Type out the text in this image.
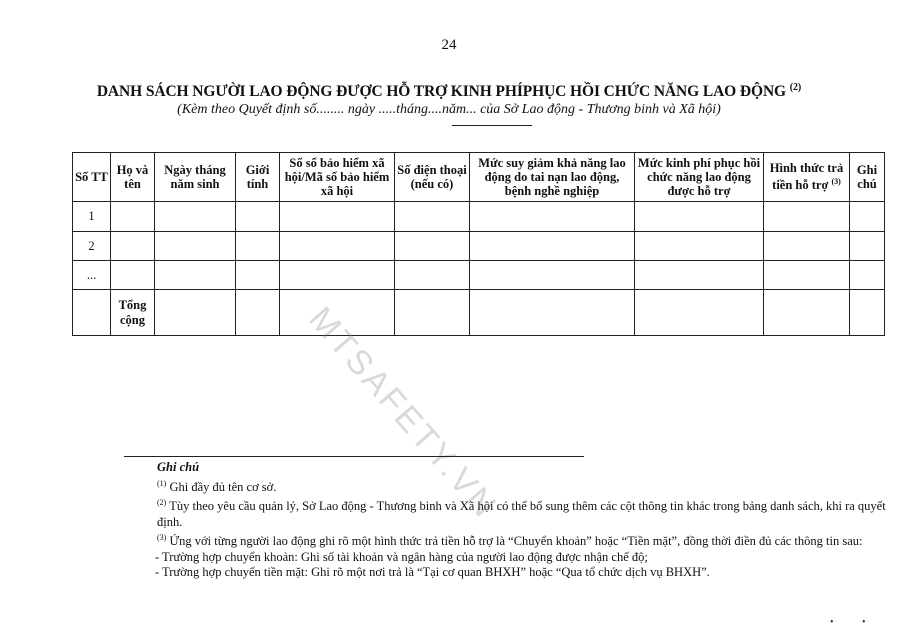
24
DANH SÁCH NGƯỜI LAO ĐỘNG ĐƯỢC HỖ TRỢ KINH PHÍPHỤC HỒI CHỨC NĂNG LAO ĐỘNG $^{(2)}$
(Kèm theo Quyết định số........ ngày .....tháng....năm... của Sở Lao động - Thương binh và Xã hội)
Số TT	Họ và tên	Ngày tháng năm sinh	Giới tính	Số sổ bảo hiểm xã hội/Mã số bảo hiểm xã hội	Số điện thoại (nếu có)	Mức suy giảm khả năng lao động do tai nạn lao động, bệnh nghề nghiệp	Mức kinh phí phục hồi chức năng lao động được hỗ trợ	Hình thức trả tiền hỗ trợ $^{(3)}$	Ghi chú
1									
2									
...									
	Tổng cộng									MTSAFETY.VN

Ghi chú

$^{(1)}$ Ghi đầy đủ tên cơ sở.

$^{(2)}$ Tùy theo yêu cầu quản lý, Sở Lao động - Thương binh và Xã hội có thể bổ sung thêm các cột thông tin khác trong bảng danh sách, khi ra quyết định.

$^{(3)}$ Ứng với từng người lao động ghi rõ một hình thức trả tiền hỗ trợ là “Chuyển khoản” hoặc “Tiền mặt”, đồng thời điền đủ các thông tin sau:

- Trường hợp chuyển khoản: Ghi số tài khoản và ngân hàng của người lao động được nhận chế độ;

- Trường hợp chuyển tiền mặt: Ghi rõ một nơi trả là “Tại cơ quan BHXH” hoặc “Qua tổ chức dịch vụ BHXH”.

•	•
